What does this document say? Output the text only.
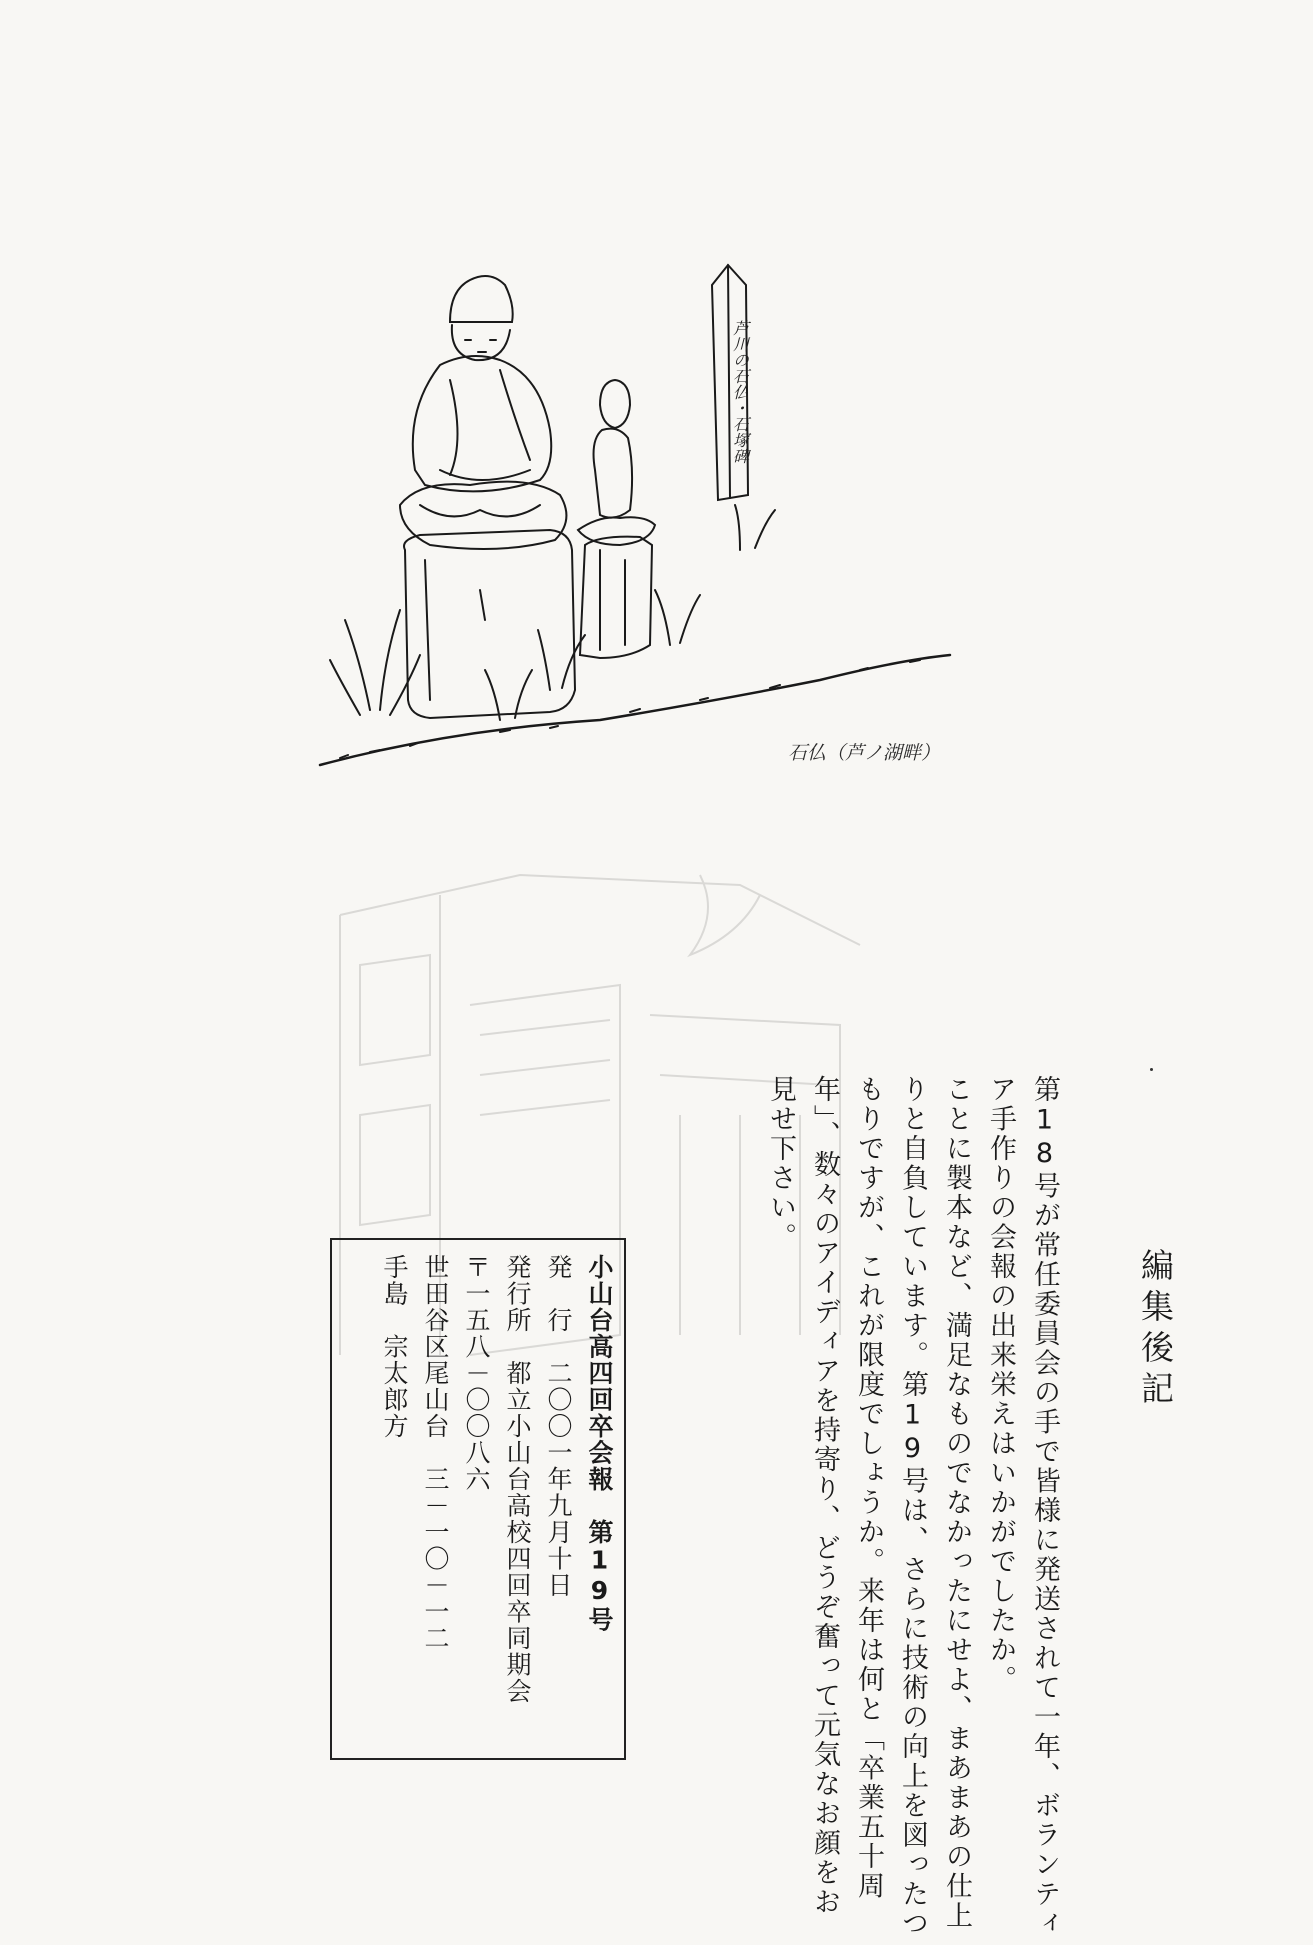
芦川の石仏・石塚碑
石仏（芦ノ湖畔）
編集後記

第18号が常任委員会の手で皆様に発送されて一年、ボランティア手作りの会報の出来栄えはいかがでしたか。

ことに製本など、満足なものでなかったにせよ、まあまあの仕上りと自負しています。第19号は、さらに技術の向上を図ったつもりですが、これが限度でしょうか。来年は何と「卒業五十周年」、数々のアイディアを持寄り、どうぞ奮って元気なお顔をお見せ下さい。

小山台高四回卒会報　第19号
発　行　二〇〇一年九月十日
発行所　都立小山台高校四回卒同期会
〒一五八－〇〇八六
世田谷区尾山台　三－一〇－一二
手島　宗太郎方
